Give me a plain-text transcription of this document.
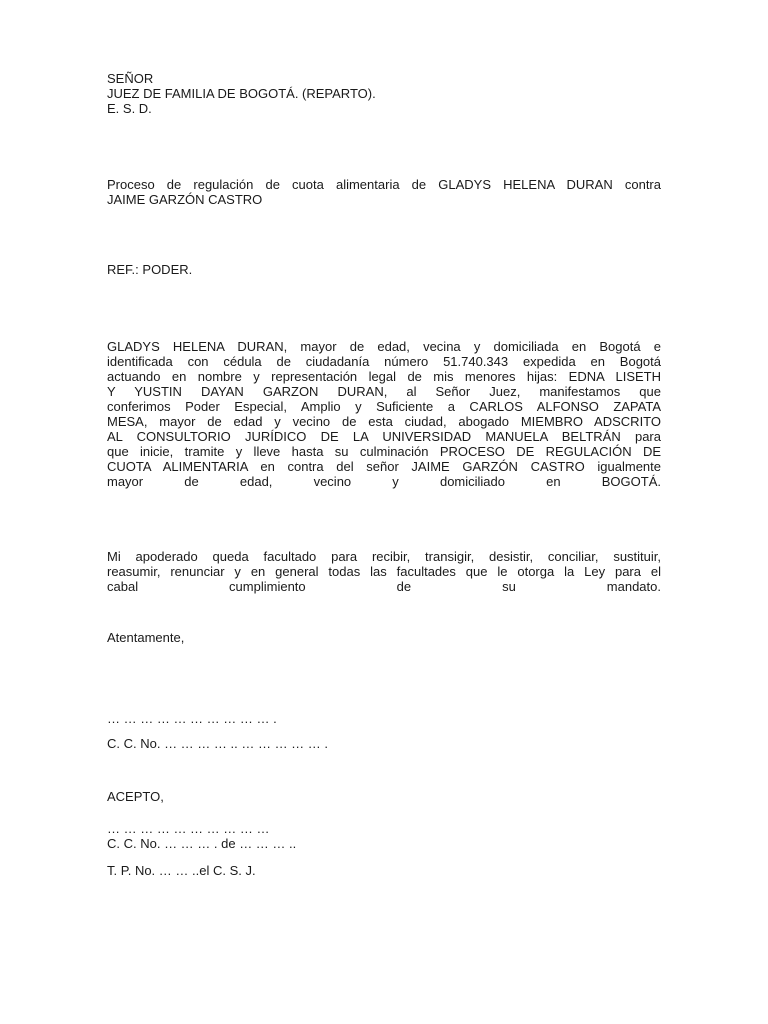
SEÑOR
JUEZ DE FAMILIA DE BOGOTÁ. (REPARTO).
E. S. D.
Proceso de regulación de cuota alimentaria de GLADYS HELENA DURAN contra
JAIME GARZÓN CASTRO
REF.: PODER.
GLADYS HELENA DURAN, mayor de edad, vecina y domiciliada en Bogotá e
identificada con cédula de ciudadanía número 51.740.343 expedida en Bogotá
actuando en nombre y representación legal de mis menores hijas: EDNA LISETH
Y YUSTIN DAYAN GARZON DURAN, al Señor Juez, manifestamos que
conferimos Poder Especial, Amplio y Suficiente a CARLOS ALFONSO ZAPATA
MESA, mayor de edad y vecino de esta ciudad, abogado MIEMBRO ADSCRITO
AL CONSULTORIO JURÍDICO DE LA UNIVERSIDAD MANUELA BELTRÁN para
que inicie, tramite y lleve hasta su culminación PROCESO DE REGULACIÓN DE
CUOTA ALIMENTARIA en contra del señor JAIME GARZÓN CASTRO igualmente
mayor de edad, vecino y domiciliado en BOGOTÁ.
Mi apoderado queda facultado para recibir, transigir, desistir, conciliar, sustituir,
reasumir, renunciar y en general todas las facultades que le otorga la Ley para el
cabal cumplimiento de su mandato.
Atentamente,
… … … … … … … … … … .
C. C. No. … … … … .. … … … … … .
ACEPTO,
… … … … … … … … … …
C. C. No. … … … . de … … … ..
T. P. No. … … ..el C. S. J.
